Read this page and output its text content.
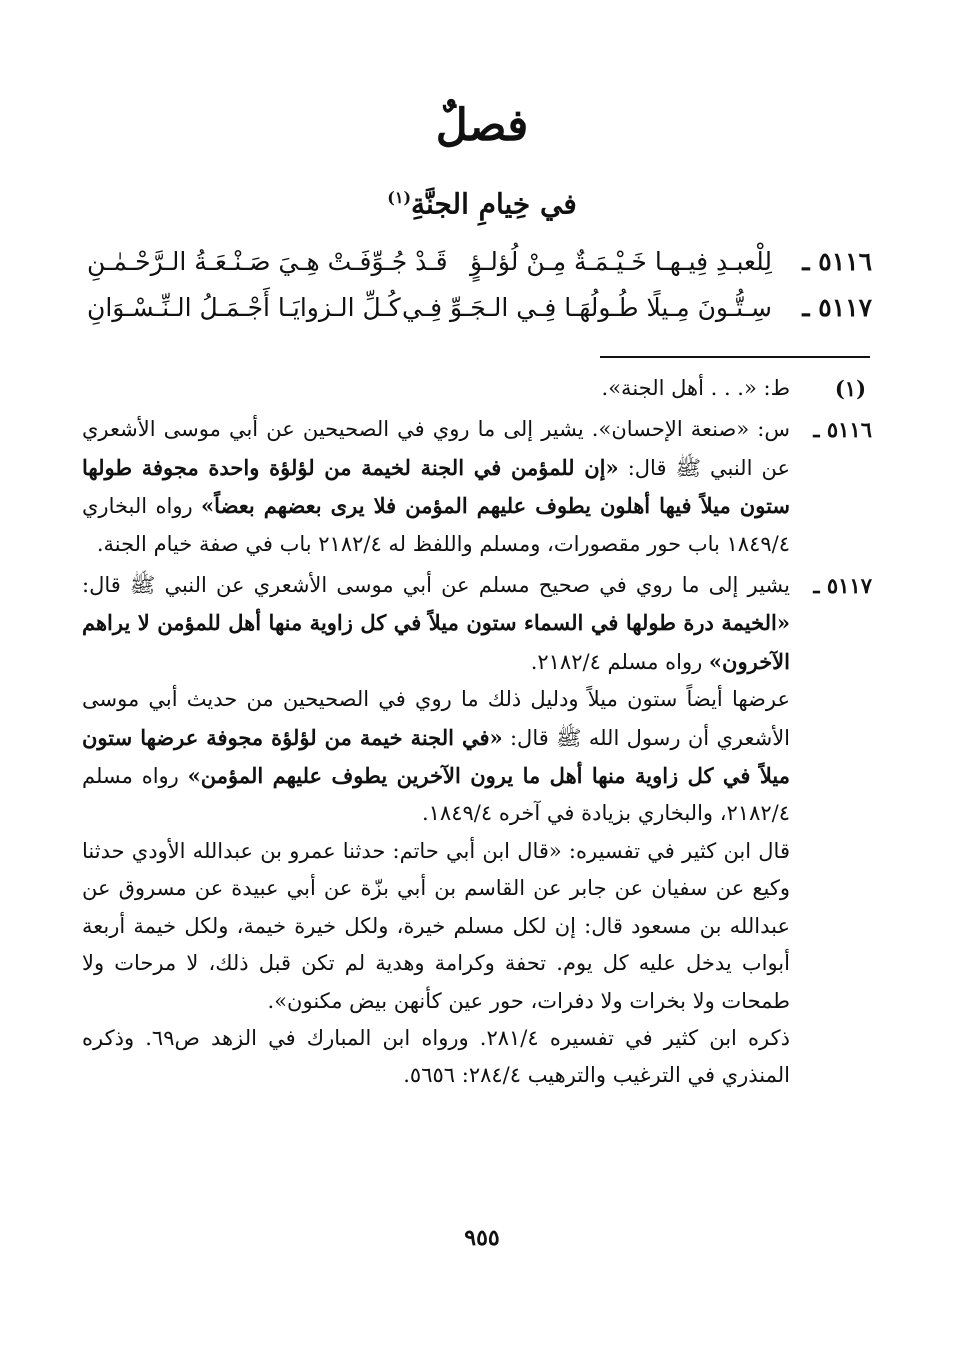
فصلٌ
في خِيامِ الجنَّةِ$^{(١)}$
٥١١٦ ـ
لِلْعبـدِ فِيـهـا خَـيْـمَـةٌ مِـنْ لُؤلـؤٍ
قَـدْ جُـوِّفَـتْ هِـيَ صَـنْـعَـةُ الـرَّحْـمٰـنِ
٥١١٧ ـ
سِـتُّـونَ مِـيلًا طُـولُهَـا فِـي الـجَـوِّ فِـي
كُـلِّ الـزوايَـا أَجْـمَـلُ الـنِّـسْـوَانِ
(١)
ط: «. . . أهل الجنة».
٥١١٦ ـ

س: «صنعة الإحسان». يشير إلى ما روي في الصحيحين عن أبي موسى الأشعري عن النبي ﷺ قال: «إن للمؤمن في الجنة لخيمة من لؤلؤة واحدة مجوفة طولها ستون ميلاً فيها أهلون يطوف عليهم المؤمن فلا يرى بعضهم بعضاً» رواه البخاري ١٨٤٩/٤ باب حور مقصورات، ومسلم واللفظ له ٢١٨٢/٤ باب في صفة خيام الجنة.

٥١١٧ ـ

يشير إلى ما روي في صحيح مسلم عن أبي موسى الأشعري عن النبي ﷺ قال: «الخيمة درة طولها في السماء ستون ميلاً في كل زاوية منها أهل للمؤمن لا يراهم الآخرون» رواه مسلم ٢١٨٢/٤.

عرضها أيضاً ستون ميلاً ودليل ذلك ما روي في الصحيحين من حديث أبي موسى الأشعري أن رسول الله ﷺ قال: «في الجنة خيمة من لؤلؤة مجوفة عرضها ستون ميلاً في كل زاوية منها أهل ما يرون الآخرين يطوف عليهم المؤمن» رواه مسلم ٢١٨٢/٤، والبخاري بزيادة في آخره ١٨٤٩/٤.

قال ابن كثير في تفسيره: «قال ابن أبي حاتم: حدثنا عمرو بن عبدالله الأودي حدثنا وكيع عن سفيان عن جابر عن القاسم بن أبي بزّة عن أبي عبيدة عن مسروق عن عبدالله بن مسعود قال: إن لكل مسلم خيرة، ولكل خيرة خيمة، ولكل خيمة أربعة أبواب يدخل عليه كل يوم. تحفة وكرامة وهدية لم تكن قبل ذلك، لا مرحات ولا طمحات ولا بخرات ولا دفرات، حور عين كأنهن بيض مكنون».

ذكره ابن كثير في تفسيره ٢٨١/٤. ورواه ابن المبارك في الزهد ص٦٩. وذكره المنذري في الترغيب والترهيب ٢٨٤/٤: ٥٦٥٦.

٩٥٥
